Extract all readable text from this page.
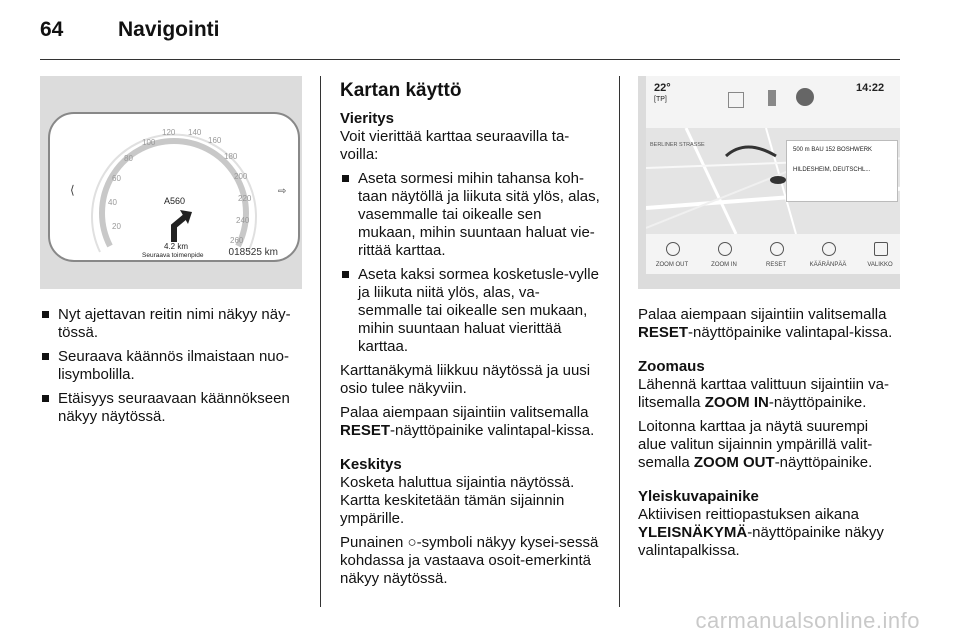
64	Navigointi
⟨	⇨
20
40
60
80
100
120 140
160
180
200
220
240
260
A560
4.2 km
Seuraava toimenpide	018525 km
Nyt ajettavan reitin nimi näkyy näy-tössä.
Seuraava käännös ilmaistaan nuo-lisymbolilla.
Etäisyys seuraavaan käännökseen näkyy näytössä.
Kartan käyttö
Vieritys

Voit vierittää karttaa seuraavilla ta-voilla:

Aseta sormesi mihin tahansa koh-taan näytöllä ja liikuta sitä ylös, alas, vasemmalle tai oikealle sen mukaan, mihin suuntaan haluat vie-rittää karttaa.
Aseta kaksi sormea kosketusle-vylle ja liikuta niitä ylös, alas, va-semmalle tai oikealle sen mukaan, mihin suuntaan haluat vierittää karttaa.

Karttanäkymä liikkuu näytössä ja uusi osio tulee näkyviin.

Palaa aiempaan sijaintiin valitsemalla RESET-näyttöpainike valintapal-kissa.

Keskitys

Kosketa haluttua sijaintia näytössä. Kartta keskitetään tämän sijainnin ympärille.

Punainen ○-symboli näkyy kysei-sessä kohdassa ja vastaava osoit-emerkintä näkyy näytössä.

22°
[TP]
14:22
BERLINER STRASSE
500 m BAU 152 BOSHWERK
HILDESHEIM, DEUTSCHL...
ZOOM OUT	ZOOM IN	RESET	KÄÄRÄNPÄÄ	VALIKKO

Palaa aiempaan sijaintiin valitsemalla RESET-näyttöpainike valintapal-kissa.

Zoomaus

Lähennä karttaa valittuun sijaintiin va-litsemalla ZOOM IN-näyttöpainike.

Loitonna karttaa ja näytä suurempi alue valitun sijainnin ympärillä valit-semalla ZOOM OUT-näyttöpainike.

Yleiskuvapainike

Aktiivisen reittiopastuksen aikana YLEISNÄKYMÄ-näyttöpainike näkyy valintapalkissa.

carmanualsonline.info
